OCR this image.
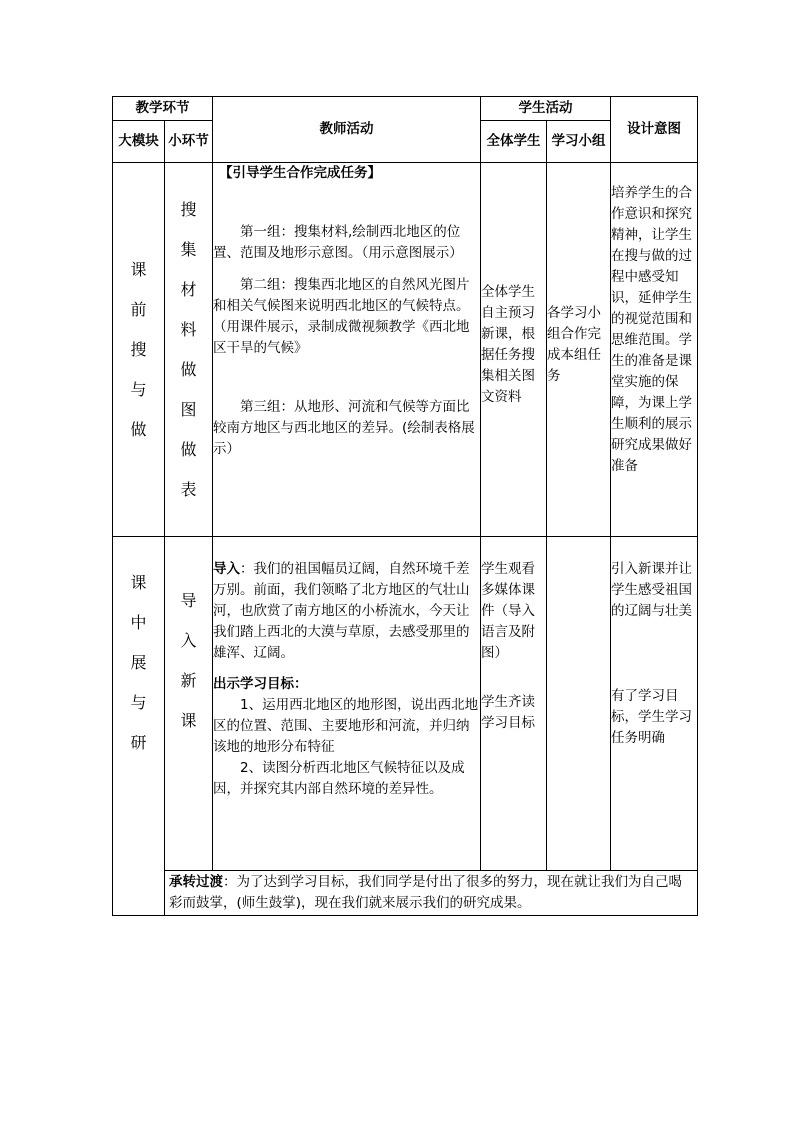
教学环节		教师活动	学生活动		设计意图
大模块	小环节		全体学生	学习小组	

课前搜与做	搜集材料做图做表	【引导学生合作完成任务】
第一组：搜集材料,绘制西北地区的位置、范围及地形示意图。（用示意图展示）
第二组：搜集西北地区的自然风光图片和相关气候图来说明西北地区的气候特点。（用课件展示，录制成微视频教学《西北地区干旱的气候》
第三组：从地形、河流和气候等方面比较南方地区与西北地区的差异。(绘制表格展示）	全体学生自主预习新课，根据任务搜集相关图文资料	各学习小组合作完成本组任务	培养学生的合作意识和探究精神，让学生在搜与做的过程中感受知识，延伸学生的视觉范围和思维范围。学生的准备是课堂实施的保障，为课上学生顺利的展示研究成果做好准备

课中展与研	导入新课	导入：我们的祖国幅员辽阔，自然环境千差万别。前面，我们领略了北方地区的气壮山河，也欣赏了南方地区的小桥流水，今天让我们踏上西北的大漠与草原，去感受那里的雄浑、辽阔。
出示学习目标：
1、运用西北地区的地形图，说出西北地区的位置、范围、主要地形和河流，并归纳该地的地形分布特征
2、读图分析西北地区气候特征以及成因，并探究其内部自然环境的差异性。	学生观看多媒体课件（导入语言及附图）
学生齐读学习目标		引入新课并让学生感受祖国的辽阔与壮美
有了学习目标，学生学习任务明确

	承转过渡：为了达到学习目标，我们同学是付出了很多的努力，现在就让我们为自己喝彩而鼓掌，(师生鼓掌)，现在我们就来展示我们的研究成果。				
